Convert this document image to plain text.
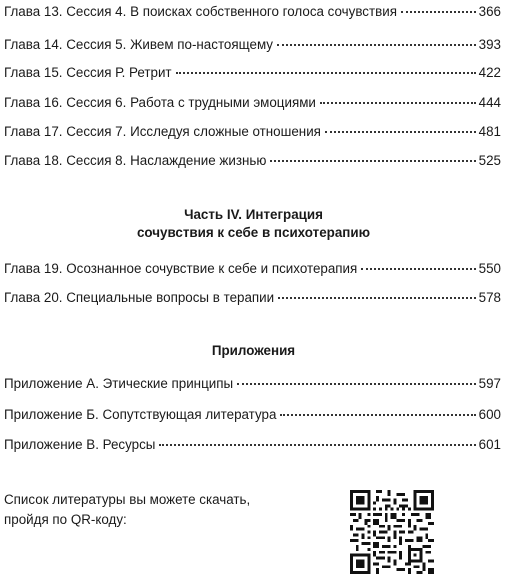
Глава 13. Сессия 4. В поисках собственного голоса сочувствия	366
Глава 14. Сессия 5. Живем по-настоящему	393
Глава 15. Сессия Р. Ретрит	422
Глава 16. Сессия 6. Работа с трудными эмоциями	444
Глава 17. Сессия 7. Исследуя сложные отношения	481
Глава 18. Сессия 8. Наслаждение жизнью	525
Часть IV. Интеграция
сочувствия к себе в психотерапию
Глава 19. Осознанное сочувствие к себе и психотерапия	550
Глава 20. Специальные вопросы в терапии	578
Приложения
Приложение А. Этические принципы	597
Приложение Б. Сопутствующая литература	600
Приложение В. Ресурсы	601
Список литературы вы можете скачать,
пройдя по QR-коду:
